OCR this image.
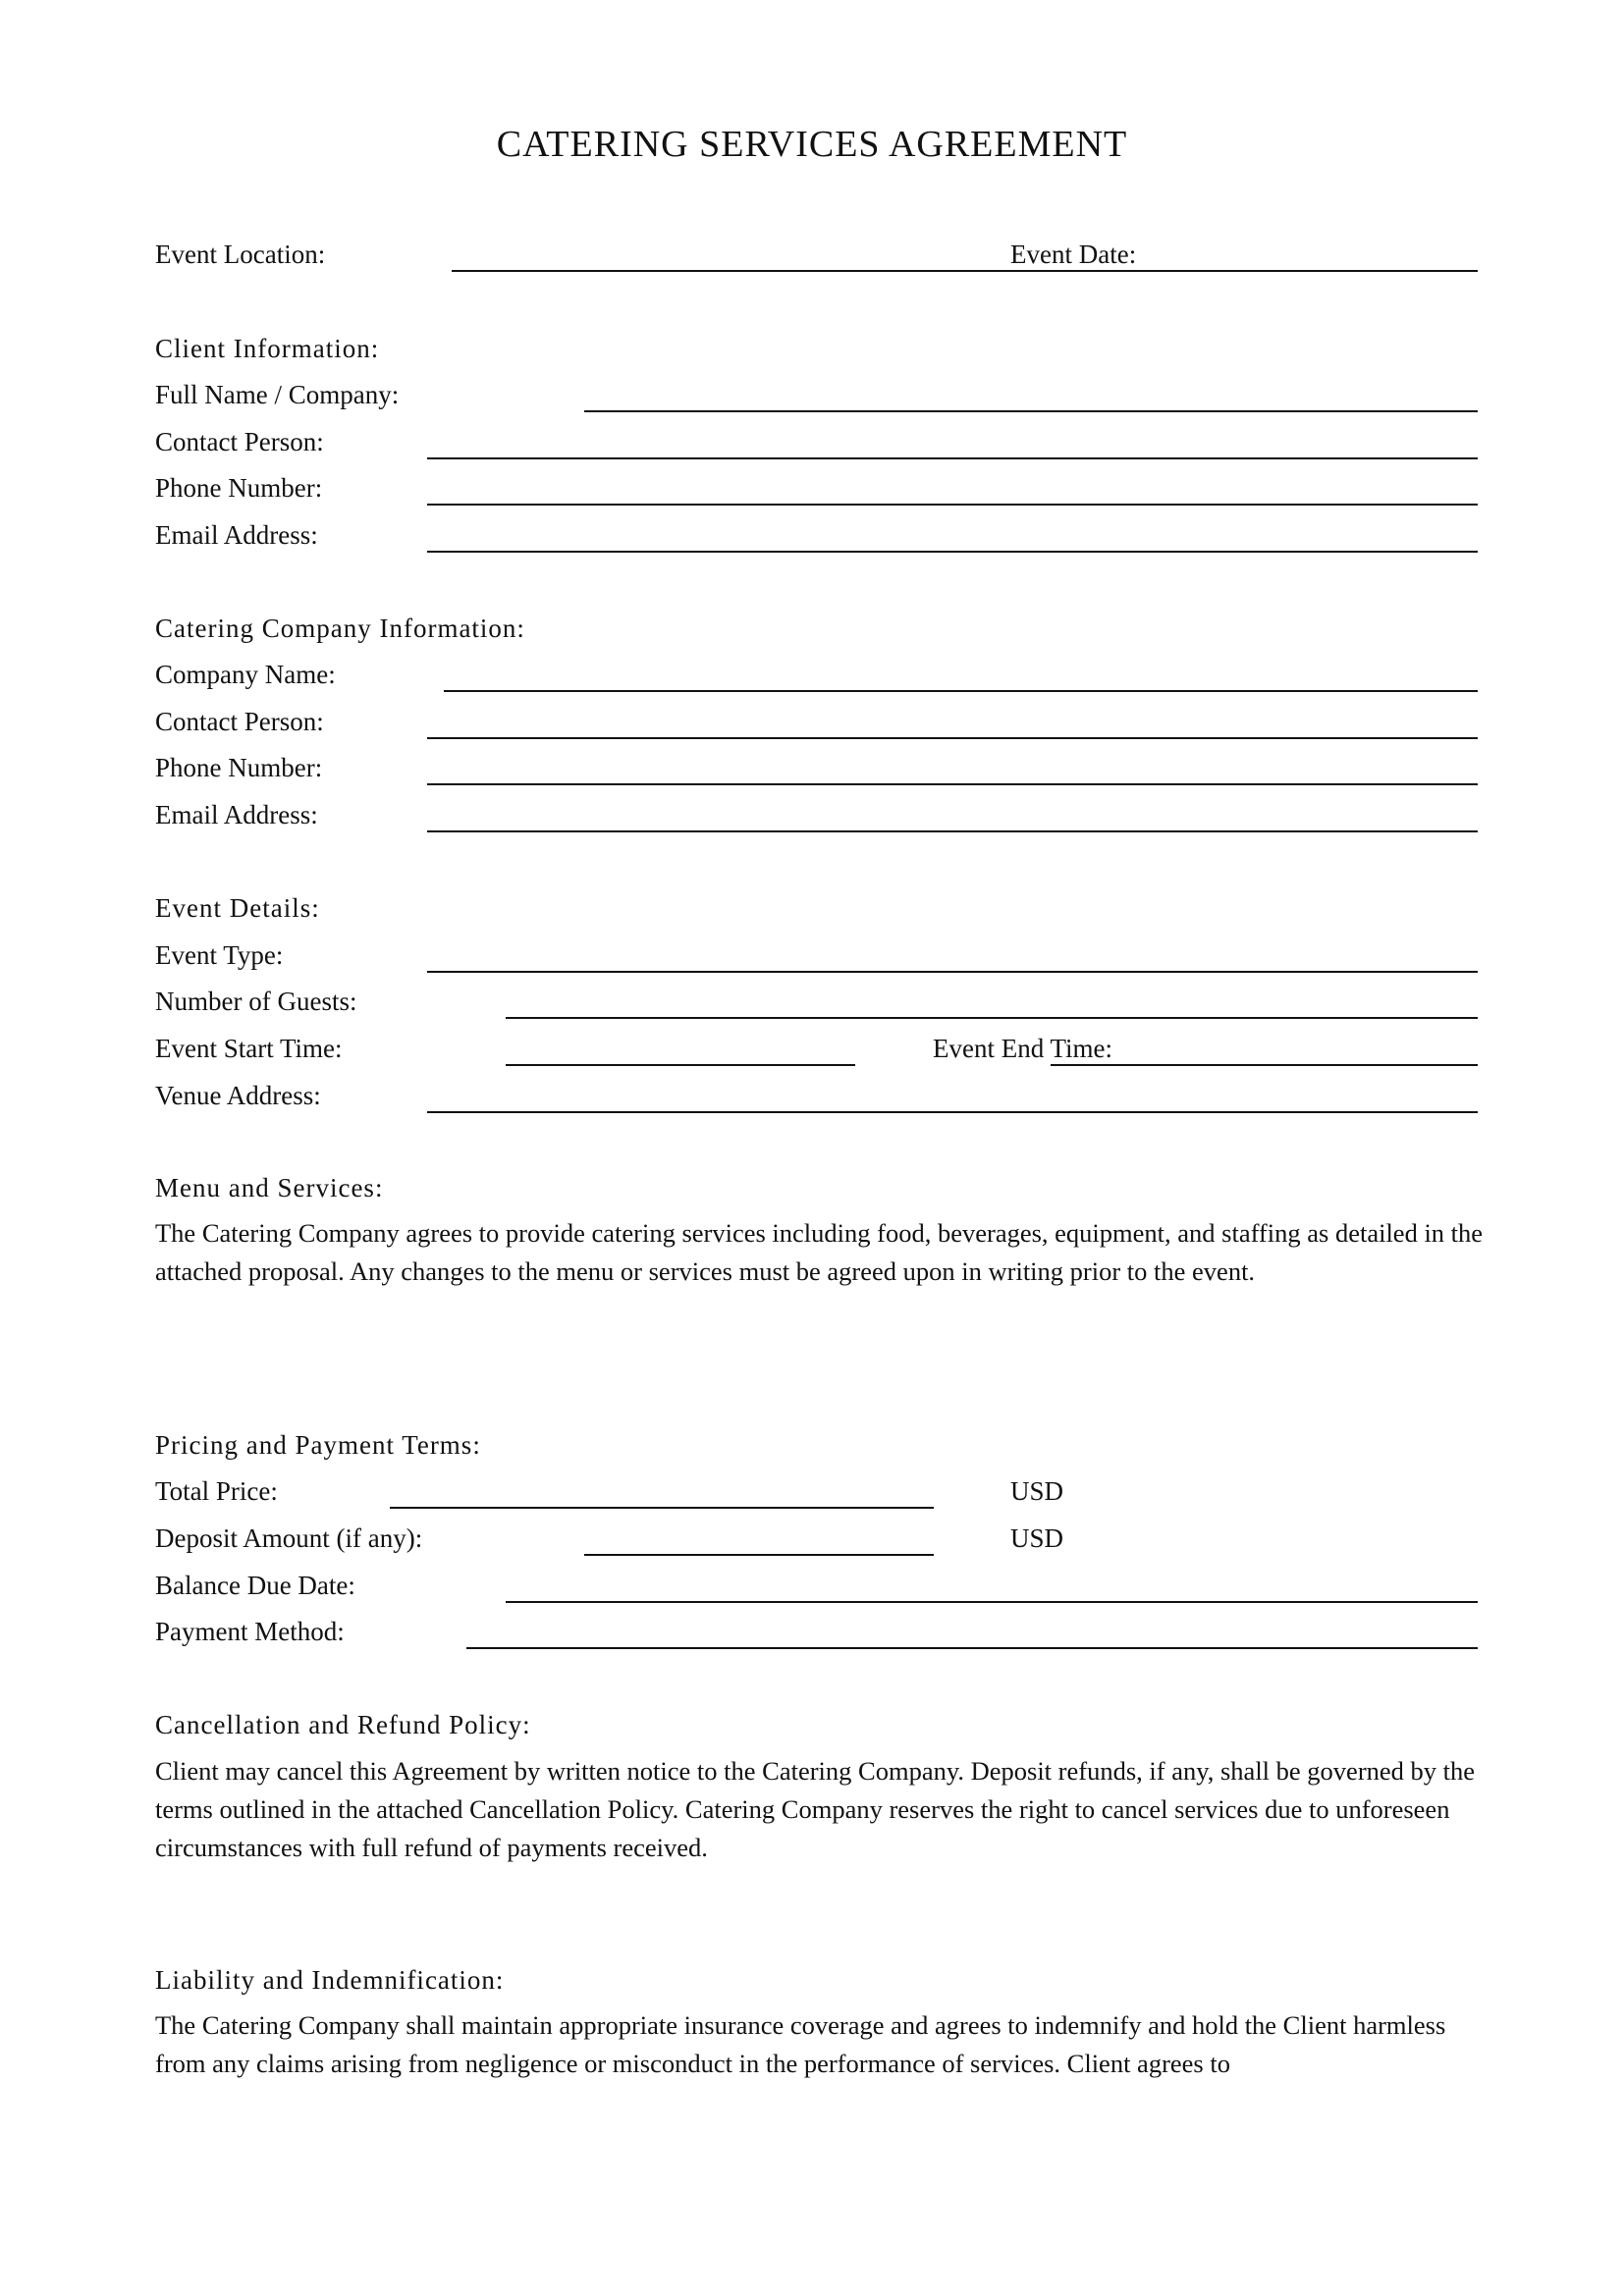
CATERING SERVICES AGREEMENT
Event Location:	Event Date:
Client Information:
Full Name / Company:
Contact Person:
Phone Number:
Email Address:
Catering Company Information:
Company Name:
Contact Person:
Phone Number:
Email Address:
Event Details:
Event Type:
Number of Guests:
Event Start Time:	Event End Time:
Venue Address:
Menu and Services:
The Catering Company agrees to provide catering services including food, beverages, equipment, and staffing as detailed in the attached proposal. Any changes to the menu or services must be agreed upon in writing prior to the event.
Pricing and Payment Terms:
Total Price:	USD
Deposit Amount (if any):	USD
Balance Due Date:
Payment Method:
Cancellation and Refund Policy:
Client may cancel this Agreement by written notice to the Catering Company. Deposit refunds, if any, shall be governed by the terms outlined in the attached Cancellation Policy. Catering Company reserves the right to cancel services due to unforeseen circumstances with full refund of payments received.
Liability and Indemnification:
The Catering Company shall maintain appropriate insurance coverage and agrees to indemnify and hold the Client harmless from any claims arising from negligence or misconduct in the performance of services. Client agrees to
